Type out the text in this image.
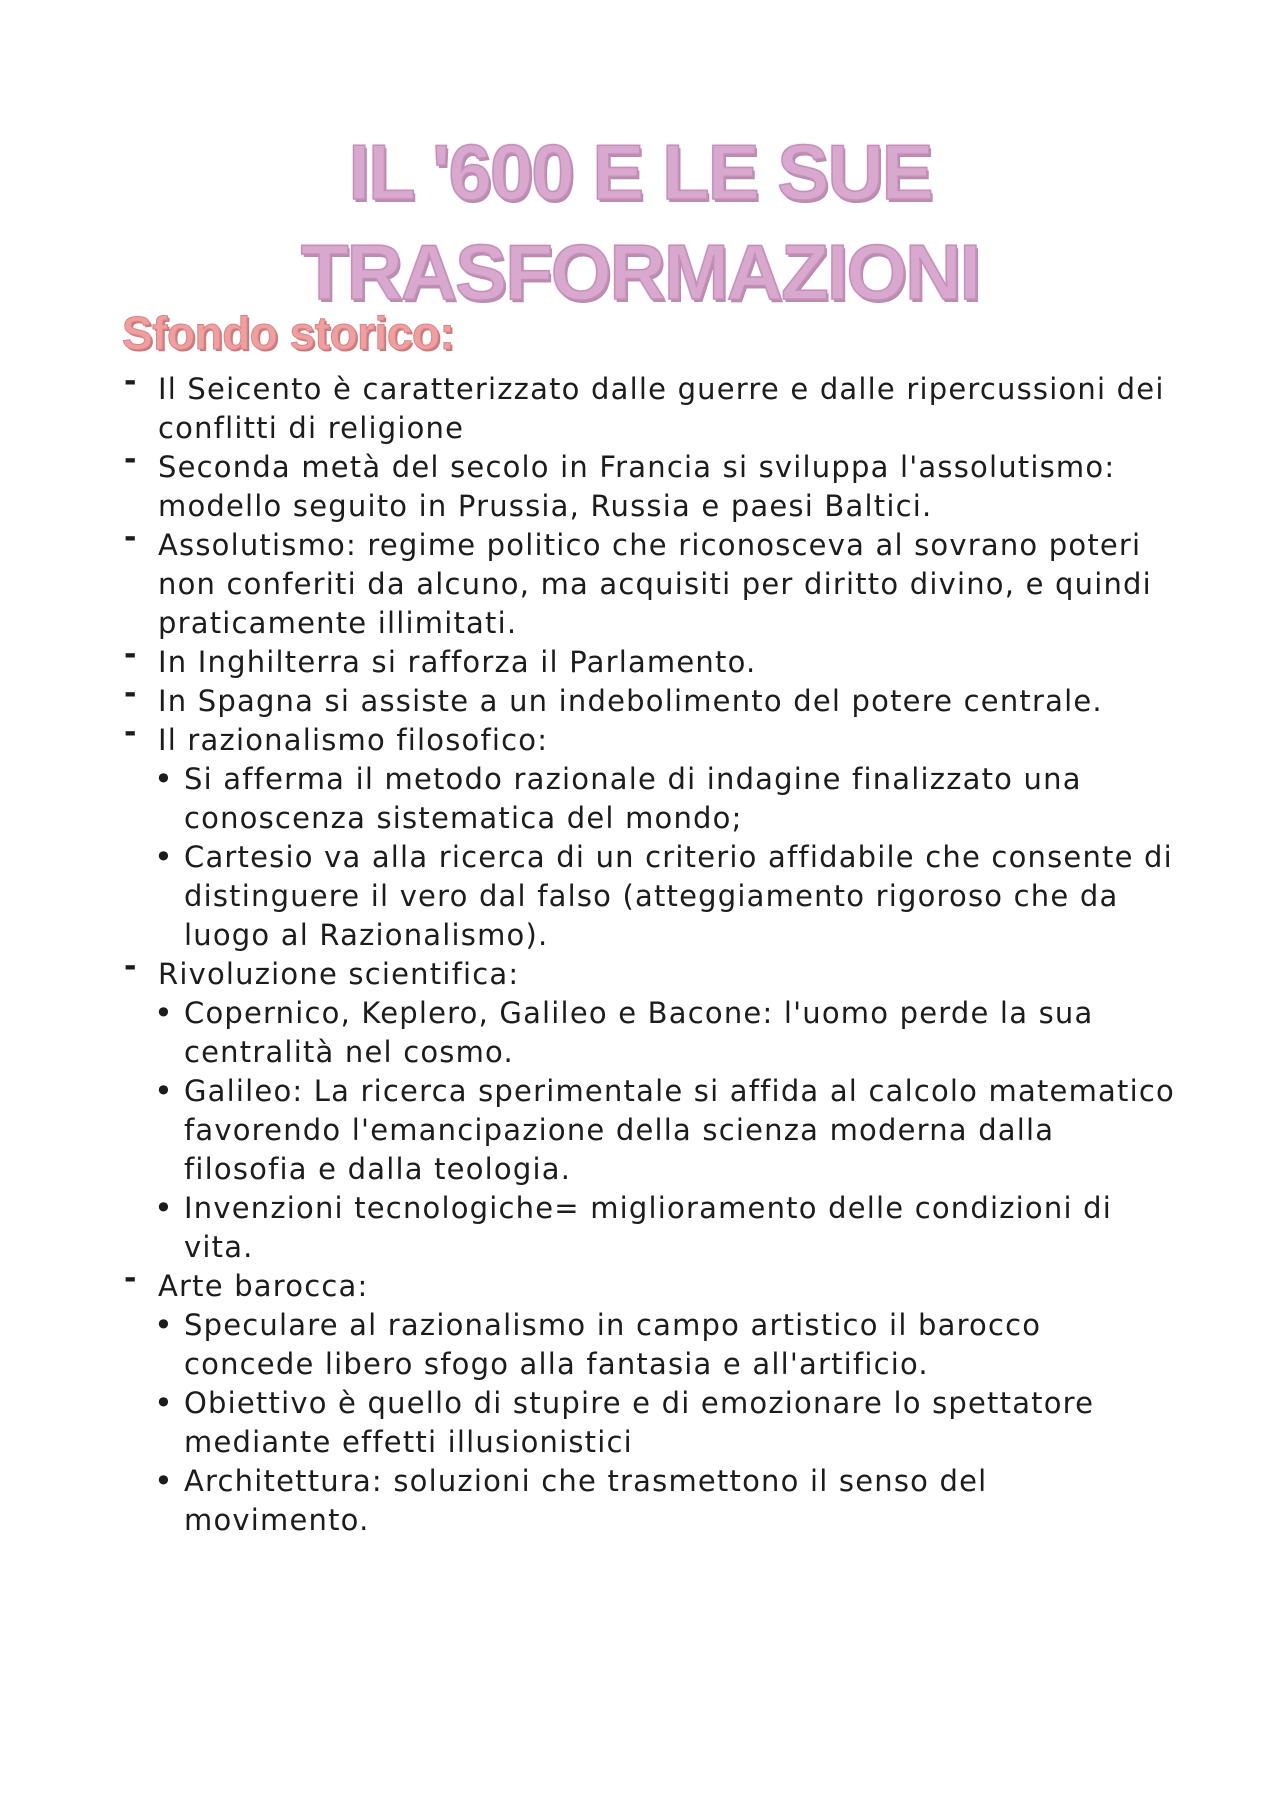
IL '600 E LE SUE
TRASFORMAZIONI
Sfondo storico:

- Il Seicento è caratterizzato dalle guerre e dalle ripercussioni dei conflitti di religione

- Seconda metà del secolo in Francia si sviluppa l'assolutismo: modello seguito in Prussia, Russia e paesi Baltici.

- Assolutismo: regime politico che riconosceva al sovrano poteri non conferiti da alcuno, ma acquisiti per diritto divino, e quindi praticamente illimitati.

- In Inghilterra si rafforza il Parlamento.

- In Spagna si assiste a un indebolimento del potere centrale.

- Il razionalismo filosofico:

• Si afferma il metodo razionale di indagine finalizzato una conoscenza sistematica del mondo;

• Cartesio va alla ricerca di un criterio affidabile che consente di distinguere il vero dal falso (atteggiamento rigoroso che da luogo al Razionalismo).

- Rivoluzione scientifica:

• Copernico, Keplero, Galileo e Bacone: l'uomo perde la sua centralità nel cosmo.

• Galileo: La ricerca sperimentale si affida al calcolo matematico favorendo l'emancipazione della scienza moderna dalla filosofia e dalla teologia.

• Invenzioni tecnologiche= miglioramento delle condizioni di vita.

- Arte barocca:

• Speculare al razionalismo in campo artistico il barocco concede libero sfogo alla fantasia e all'artificio.

• Obiettivo è quello di stupire e di emozionare lo spettatore mediante effetti illusionistici

• Architettura: soluzioni che trasmettono il senso del movimento.
